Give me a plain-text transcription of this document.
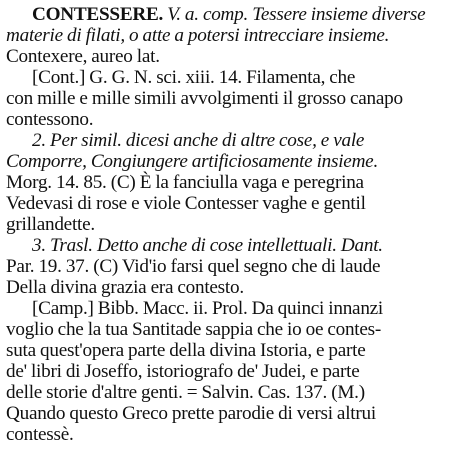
CONTESSERE. V. a. comp. Tessere insieme diverse
materie di filati, o atte a potersi intrecciare insieme.
Contexere, aureo lat.
[Cont.] G. G. N. sci. xiii. 14. Filamenta, che
con mille e mille simili avvolgimenti il grosso canapo
contessono.
2. Per simil. dicesi anche di altre cose, e vale
Comporre, Congiungere artificiosamente insieme.
Morg. 14. 85. (C) È la fanciulla vaga e peregrina
Vedevasi di rose e viole Contesser vaghe e gentil
grillandette.
3. Trasl. Detto anche di cose intellettuali. Dant.
Par. 19. 37. (C) Vid'io farsi quel segno che di laude
Della divina grazia era contesto.
[Camp.] Bibb. Macc. ii. Prol. Da quinci innanzi
voglio che la tua Santitade sappia che io oe contes-
suta quest'opera parte della divina Istoria, e parte
de' libri di Joseffo, istoriografo de' Judei, e parte
delle storie d'altre genti. = Salvin. Cas. 137. (M.)
Quando questo Greco prette parodie di versi altrui
contessè.
